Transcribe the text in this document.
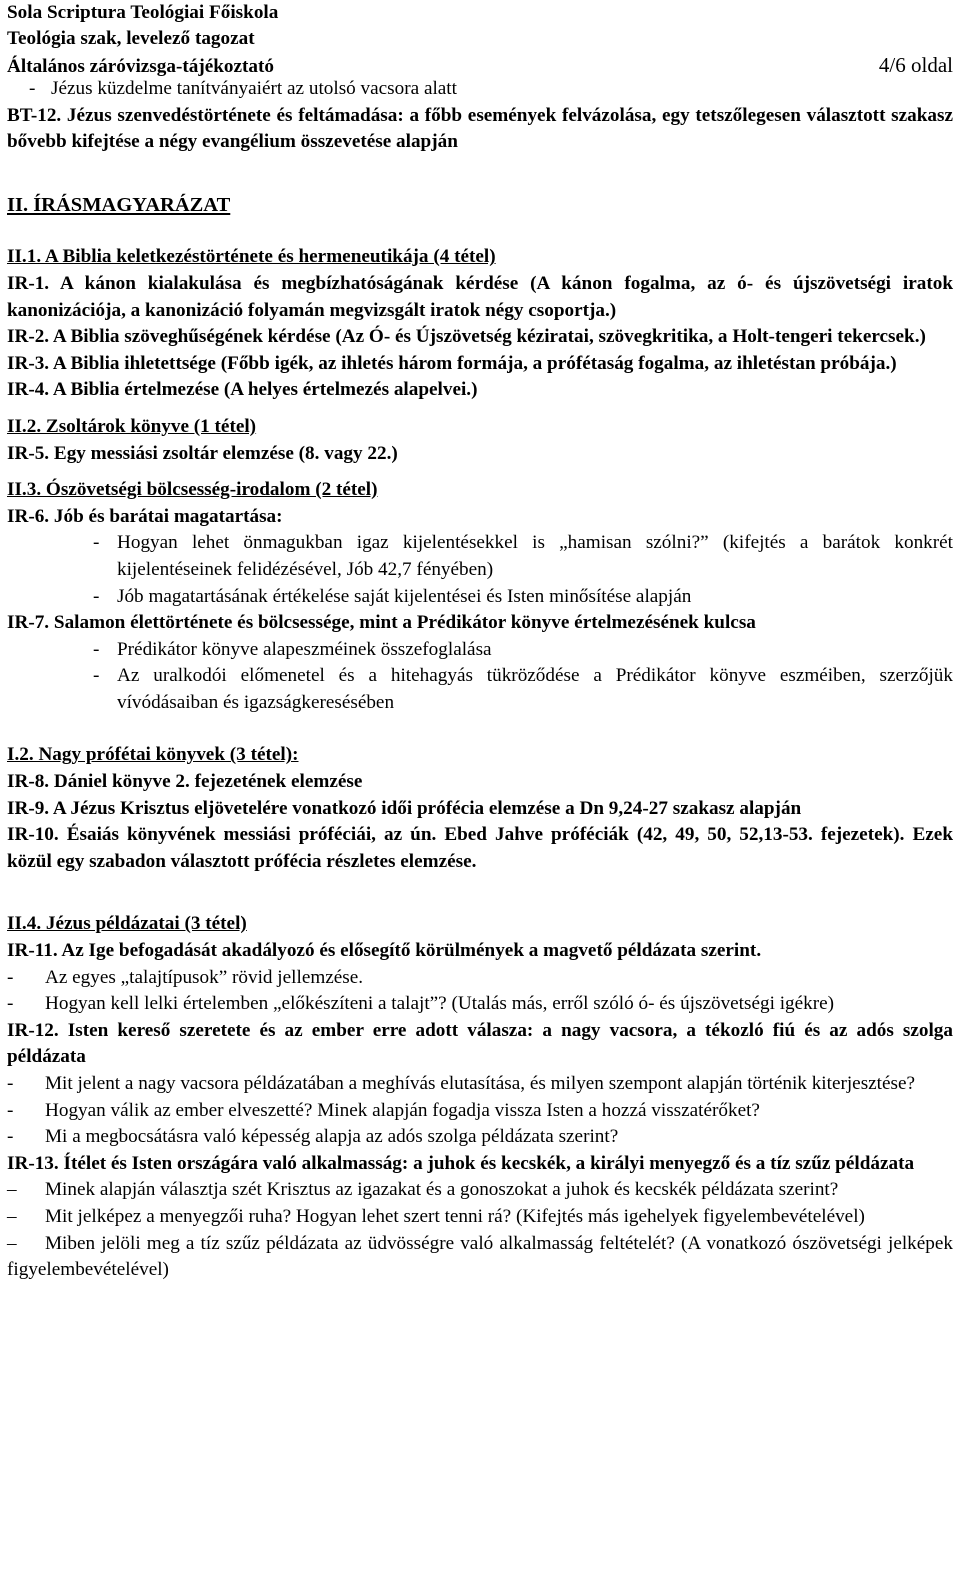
Sola Scriptura Teológiai Főiskola
Teológia szak, levelező tagozat
Általános záróvizsga-tájékoztató	4/6 oldal
- Jézus küzdelme tanítványaiért az utolsó vacsora alatt

BT-12. Jézus szenvedéstörténete és feltámadása: a főbb események felvázolása, egy tetszőlegesen választott szakasz bővebb kifejtése a négy evangélium összevetése alapján

II. ÍRÁSMAGYARÁZAT

II.1. A Biblia keletkezéstörténete és hermeneutikája (4 tétel)

IR-1. A kánon kialakulása és megbízhatóságának kérdése (A kánon fogalma, az ó- és újszövetségi iratok kanonizációja, a kanonizáció folyamán megvizsgált iratok négy csoportja.)

IR-2. A Biblia szöveghűségének kérdése (Az Ó- és Újszövetség kéziratai, szövegkritika, a Holt-tengeri tekercsek.)

IR-3. A Biblia ihletettsége (Főbb igék, az ihletés három formája, a prófétaság fogalma, az ihletéstan próbája.)

IR-4. A Biblia értelmezése (A helyes értelmezés alapelvei.)

II.2. Zsoltárok könyve (1 tétel)

IR-5. Egy messiási zsoltár elemzése (8. vagy 22.)

II.3. Ószövetségi bölcsesség-irodalom (2 tétel)

IR-6. Jób és barátai magatartása:

- Hogyan lehet önmagukban igaz kijelentésekkel is „hamisan szólni?” (kifejtés a barátok konkrét kijelentéseinek felidézésével, Jób 42,7 fényében)
- Jób magatartásának értékelése saját kijelentései és Isten minősítése alapján

IR-7. Salamon élettörténete és bölcsessége, mint a Prédikátor könyve értelmezésének kulcsa

- Prédikátor könyve alapeszméinek összefoglalása
- Az uralkodói előmenetel és a hitehagyás tükröződése a Prédikátor könyve eszméiben, szerzőjük vívódásaiban és igazságkeresésében

I.2. Nagy prófétai könyvek (3 tétel):

IR-8. Dániel könyve 2. fejezetének elemzése

IR-9. A Jézus Krisztus eljövetelére vonatkozó idői prófécia elemzése a Dn 9,24-27 szakasz alapján

IR-10. Ésaiás könyvének messiási próféciái, az ún. Ebed Jahve próféciák (42, 49, 50, 52,13-53. fejezetek). Ezek közül egy szabadon választott prófécia részletes elemzése.

II.4. Jézus példázatai (3 tétel)

IR-11. Az Ige befogadását akadályozó és elősegítő körülmények a magvető példázata szerint.

-	Az egyes „talajtípusok” rövid jellemzése.
-	Hogyan kell lelki értelemben „előkészíteni a talajt”? (Utalás más, erről szóló ó- és újszövetségi igékre)

IR-12. Isten kereső szeretete és az ember erre adott válasza: a nagy vacsora, a tékozló fiú és az adós szolga példázata

-	Mit jelent a nagy vacsora példázatában a meghívás elutasítása, és milyen szempont alapján történik kiterjesztése?
-	Hogyan válik az ember elveszetté? Minek alapján fogadja vissza Isten a hozzá visszatérőket?
-	Mi a megbocsátásra való képesség alapja az adós szolga példázata szerint?

IR-13. Ítélet és Isten országára való alkalmasság: a juhok és kecskék, a királyi menyegző és a tíz szűz példázata

– Minek alapján választja szét Krisztus az igazakat és a gonoszokat a juhok és kecskék példázata szerint?

– Mit jelképez a menyegzői ruha? Hogyan lehet szert tenni rá? (Kifejtés más igehelyek figyelembevételével)

– Miben jelöli meg a tíz szűz példázata az üdvösségre való alkalmasság feltételét? (A vonatkozó ószövetségi jelképek figyelembevételével)
